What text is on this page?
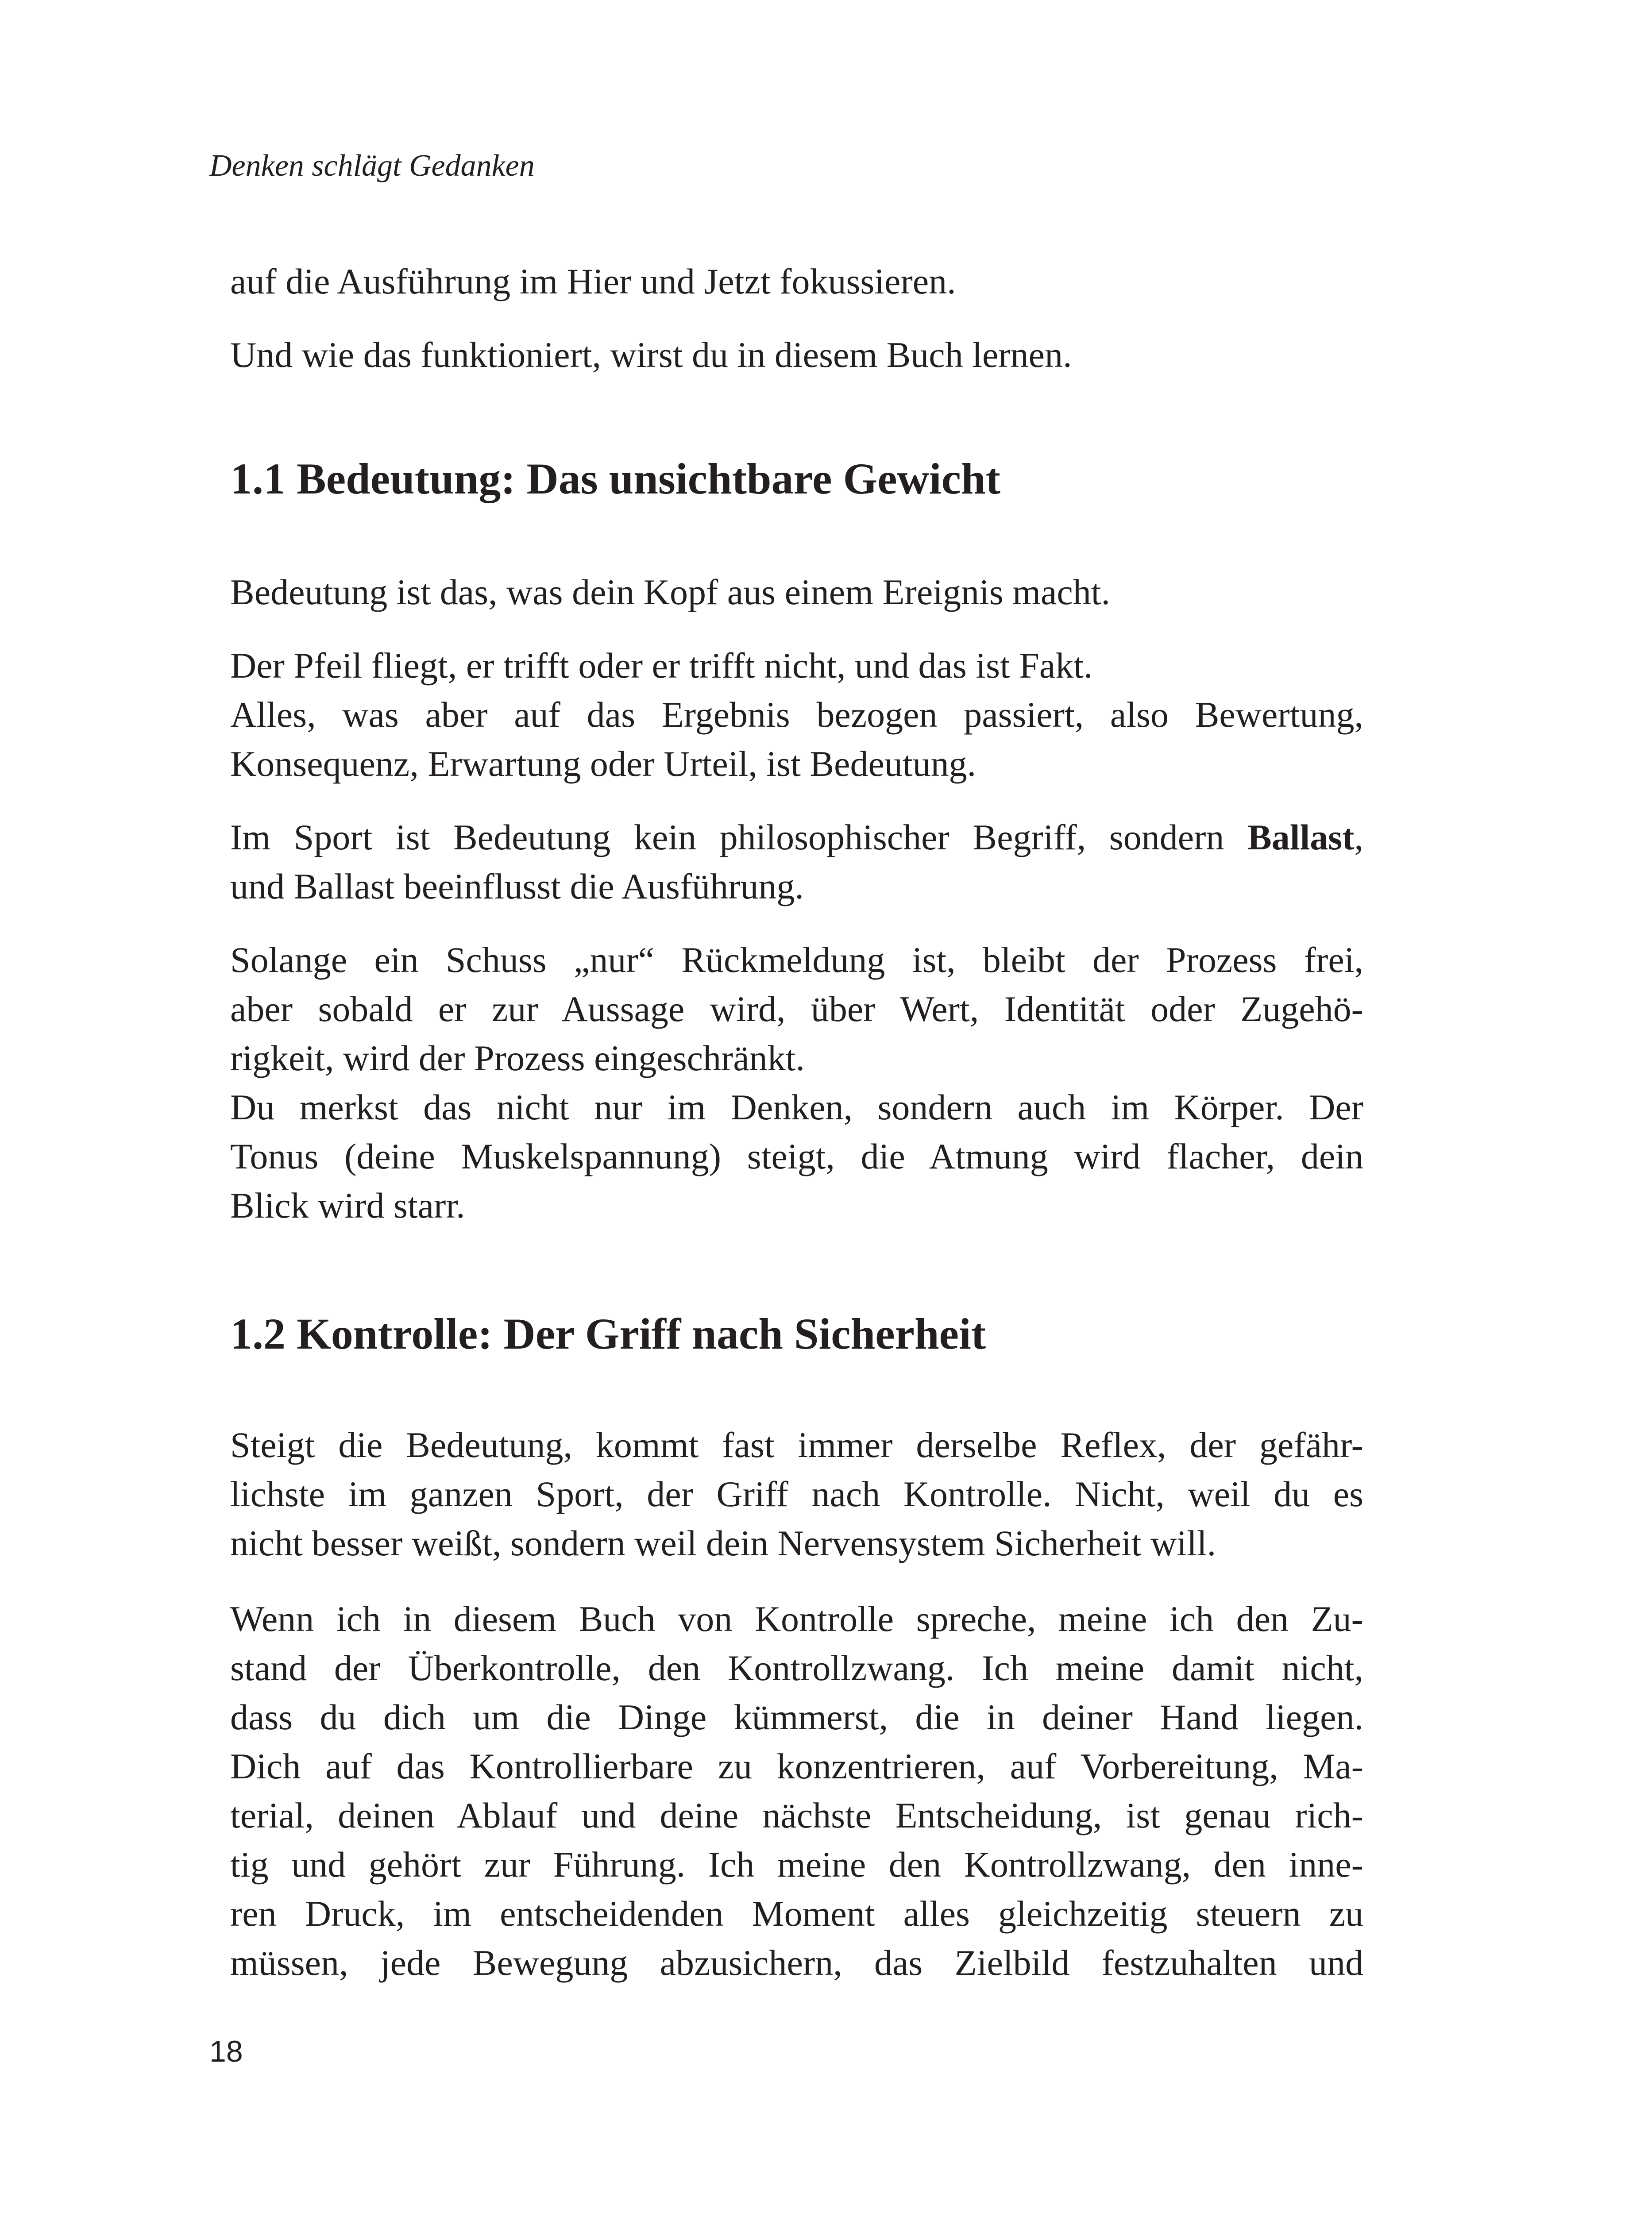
Denken schlägt Gedanken

auf die Ausführung im Hier und Jetzt fokussieren.

Und wie das funktioniert, wirst du in diesem Buch lernen.

1.1 Bedeutung: Das unsichtbare Gewicht

Bedeutung ist das, was dein Kopf aus einem Ereignis macht.

Der Pfeil fliegt, er trifft oder er trifft nicht, und das ist Fakt.
Alles, was aber auf das Ergebnis bezogen passiert, also Bewertung,
Konsequenz, Erwartung oder Urteil, ist Bedeutung.

Im Sport ist Bedeutung kein philosophischer Begriff, sondern Ballast,
und Ballast beeinflusst die Ausführung.

Solange ein Schuss „nur“ Rückmeldung ist, bleibt der Prozess frei,
aber sobald er zur Aussage wird, über Wert, Identität oder Zugehö-
rigkeit, wird der Prozess eingeschränkt.
Du merkst das nicht nur im Denken, sondern auch im Körper. Der
Tonus (deine Muskelspannung) steigt, die Atmung wird flacher, dein
Blick wird starr.

1.2 Kontrolle: Der Griff nach Sicherheit

Steigt die Bedeutung, kommt fast immer derselbe Reflex, der gefähr-
lichste im ganzen Sport, der Griff nach Kontrolle. Nicht, weil du es
nicht besser weißt, sondern weil dein Nervensystem Sicherheit will.

Wenn ich in diesem Buch von Kontrolle spreche, meine ich den Zu-
stand der Überkontrolle, den Kontrollzwang. Ich meine damit nicht,
dass du dich um die Dinge kümmerst, die in deiner Hand liegen.
Dich auf das Kontrollierbare zu konzentrieren, auf Vorbereitung, Ma-
terial, deinen Ablauf und deine nächste Entscheidung, ist genau rich-
tig und gehört zur Führung. Ich meine den Kontrollzwang, den inne-
ren Druck, im entscheidenden Moment alles gleichzeitig steuern zu
müssen, jede Bewegung abzusichern, das Zielbild festzuhalten und

18
